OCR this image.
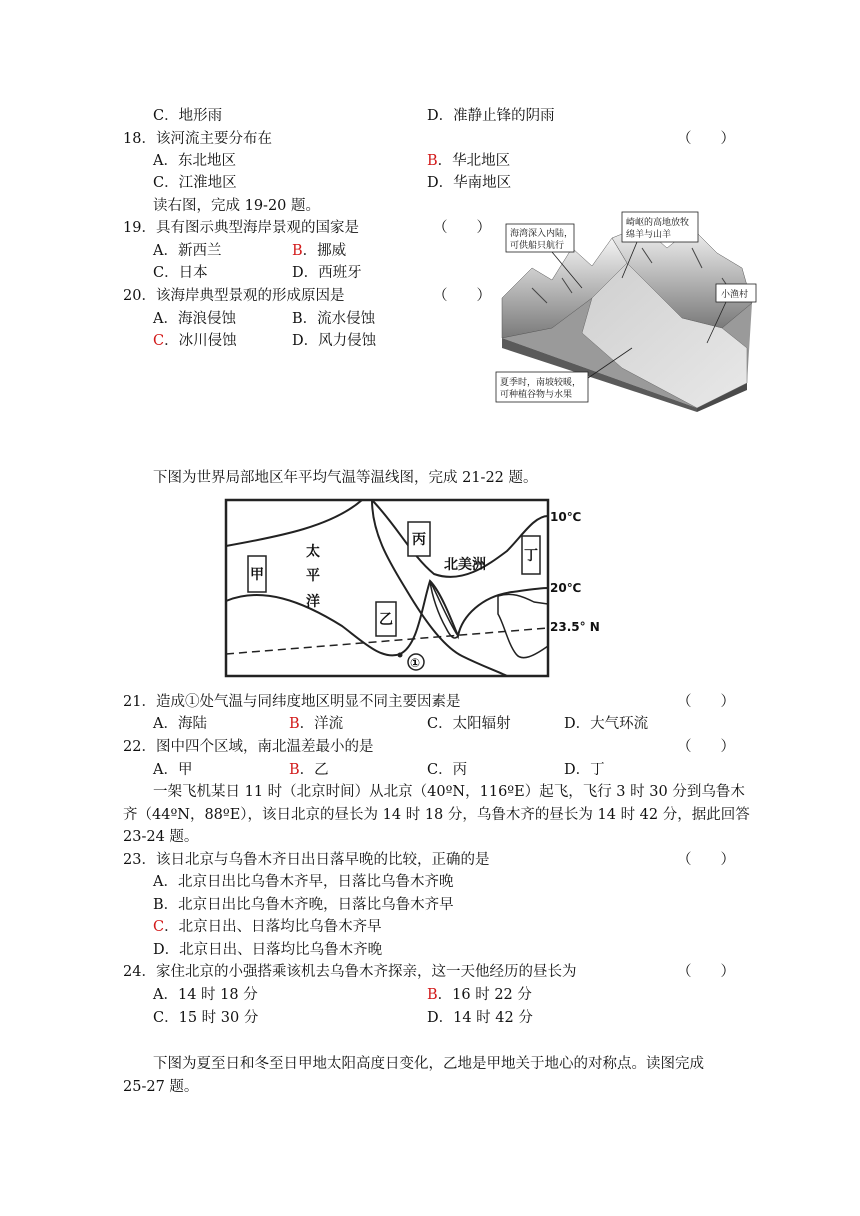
C．地形雨	D．准静止锋的阴雨
18．该河流主要分布在	（　　）
A．东北地区	B．华北地区
C．江淮地区	D．华南地区
读右图，完成 19-20 题。
19．具有图示典型海岸景观的国家是	（　　）
A．新西兰	B．挪威
C．日本	D．西班牙
20．该海岸典型景观的形成原因是	（　　）
A．海浪侵蚀	B．流水侵蚀
C．冰川侵蚀	D．风力侵蚀
海湾深入内陆，
可供船只航行
崎岖的高地放牧
绵羊与山羊
小渔村
夏季时，南坡较暖，
可种植谷物与水果
下图为世界局部地区年平均气温等温线图，完成 21-22 题。
①
甲
丙
乙
丁
太
平
洋
北美洲
10℃
20℃
23.5° N
21．造成①处气温与同纬度地区明显不同主要因素是	（　　）
A．海陆	B．洋流	C．太阳辐射	D．大气环流
22．图中四个区域，南北温差最小的是	（　　）
A．甲	B．乙	C．丙	D．丁
一架飞机某日 11 时（北京时间）从北京（40ºN，116ºE）起飞，飞行 3 时 30 分到乌鲁木
齐（44ºN，88ºE），该日北京的昼长为 14 时 18 分，乌鲁木齐的昼长为 14 时 42 分，据此回答
23-24 题。
23．该日北京与乌鲁木齐日出日落早晚的比较，正确的是	（　　）
A．北京日出比乌鲁木齐早，日落比乌鲁木齐晚
B．北京日出比乌鲁木齐晚，日落比乌鲁木齐早
C．北京日出、日落均比乌鲁木齐早
D．北京日出、日落均比乌鲁木齐晚
24．家住北京的小强搭乘该机去乌鲁木齐探亲，这一天他经历的昼长为	（　　）
A．14 时 18 分	B．16 时 22 分
C．15 时 30 分	D．14 时 42 分
下图为夏至日和冬至日甲地太阳高度日变化，乙地是甲地关于地心的对称点。读图完成
25-27 题。
